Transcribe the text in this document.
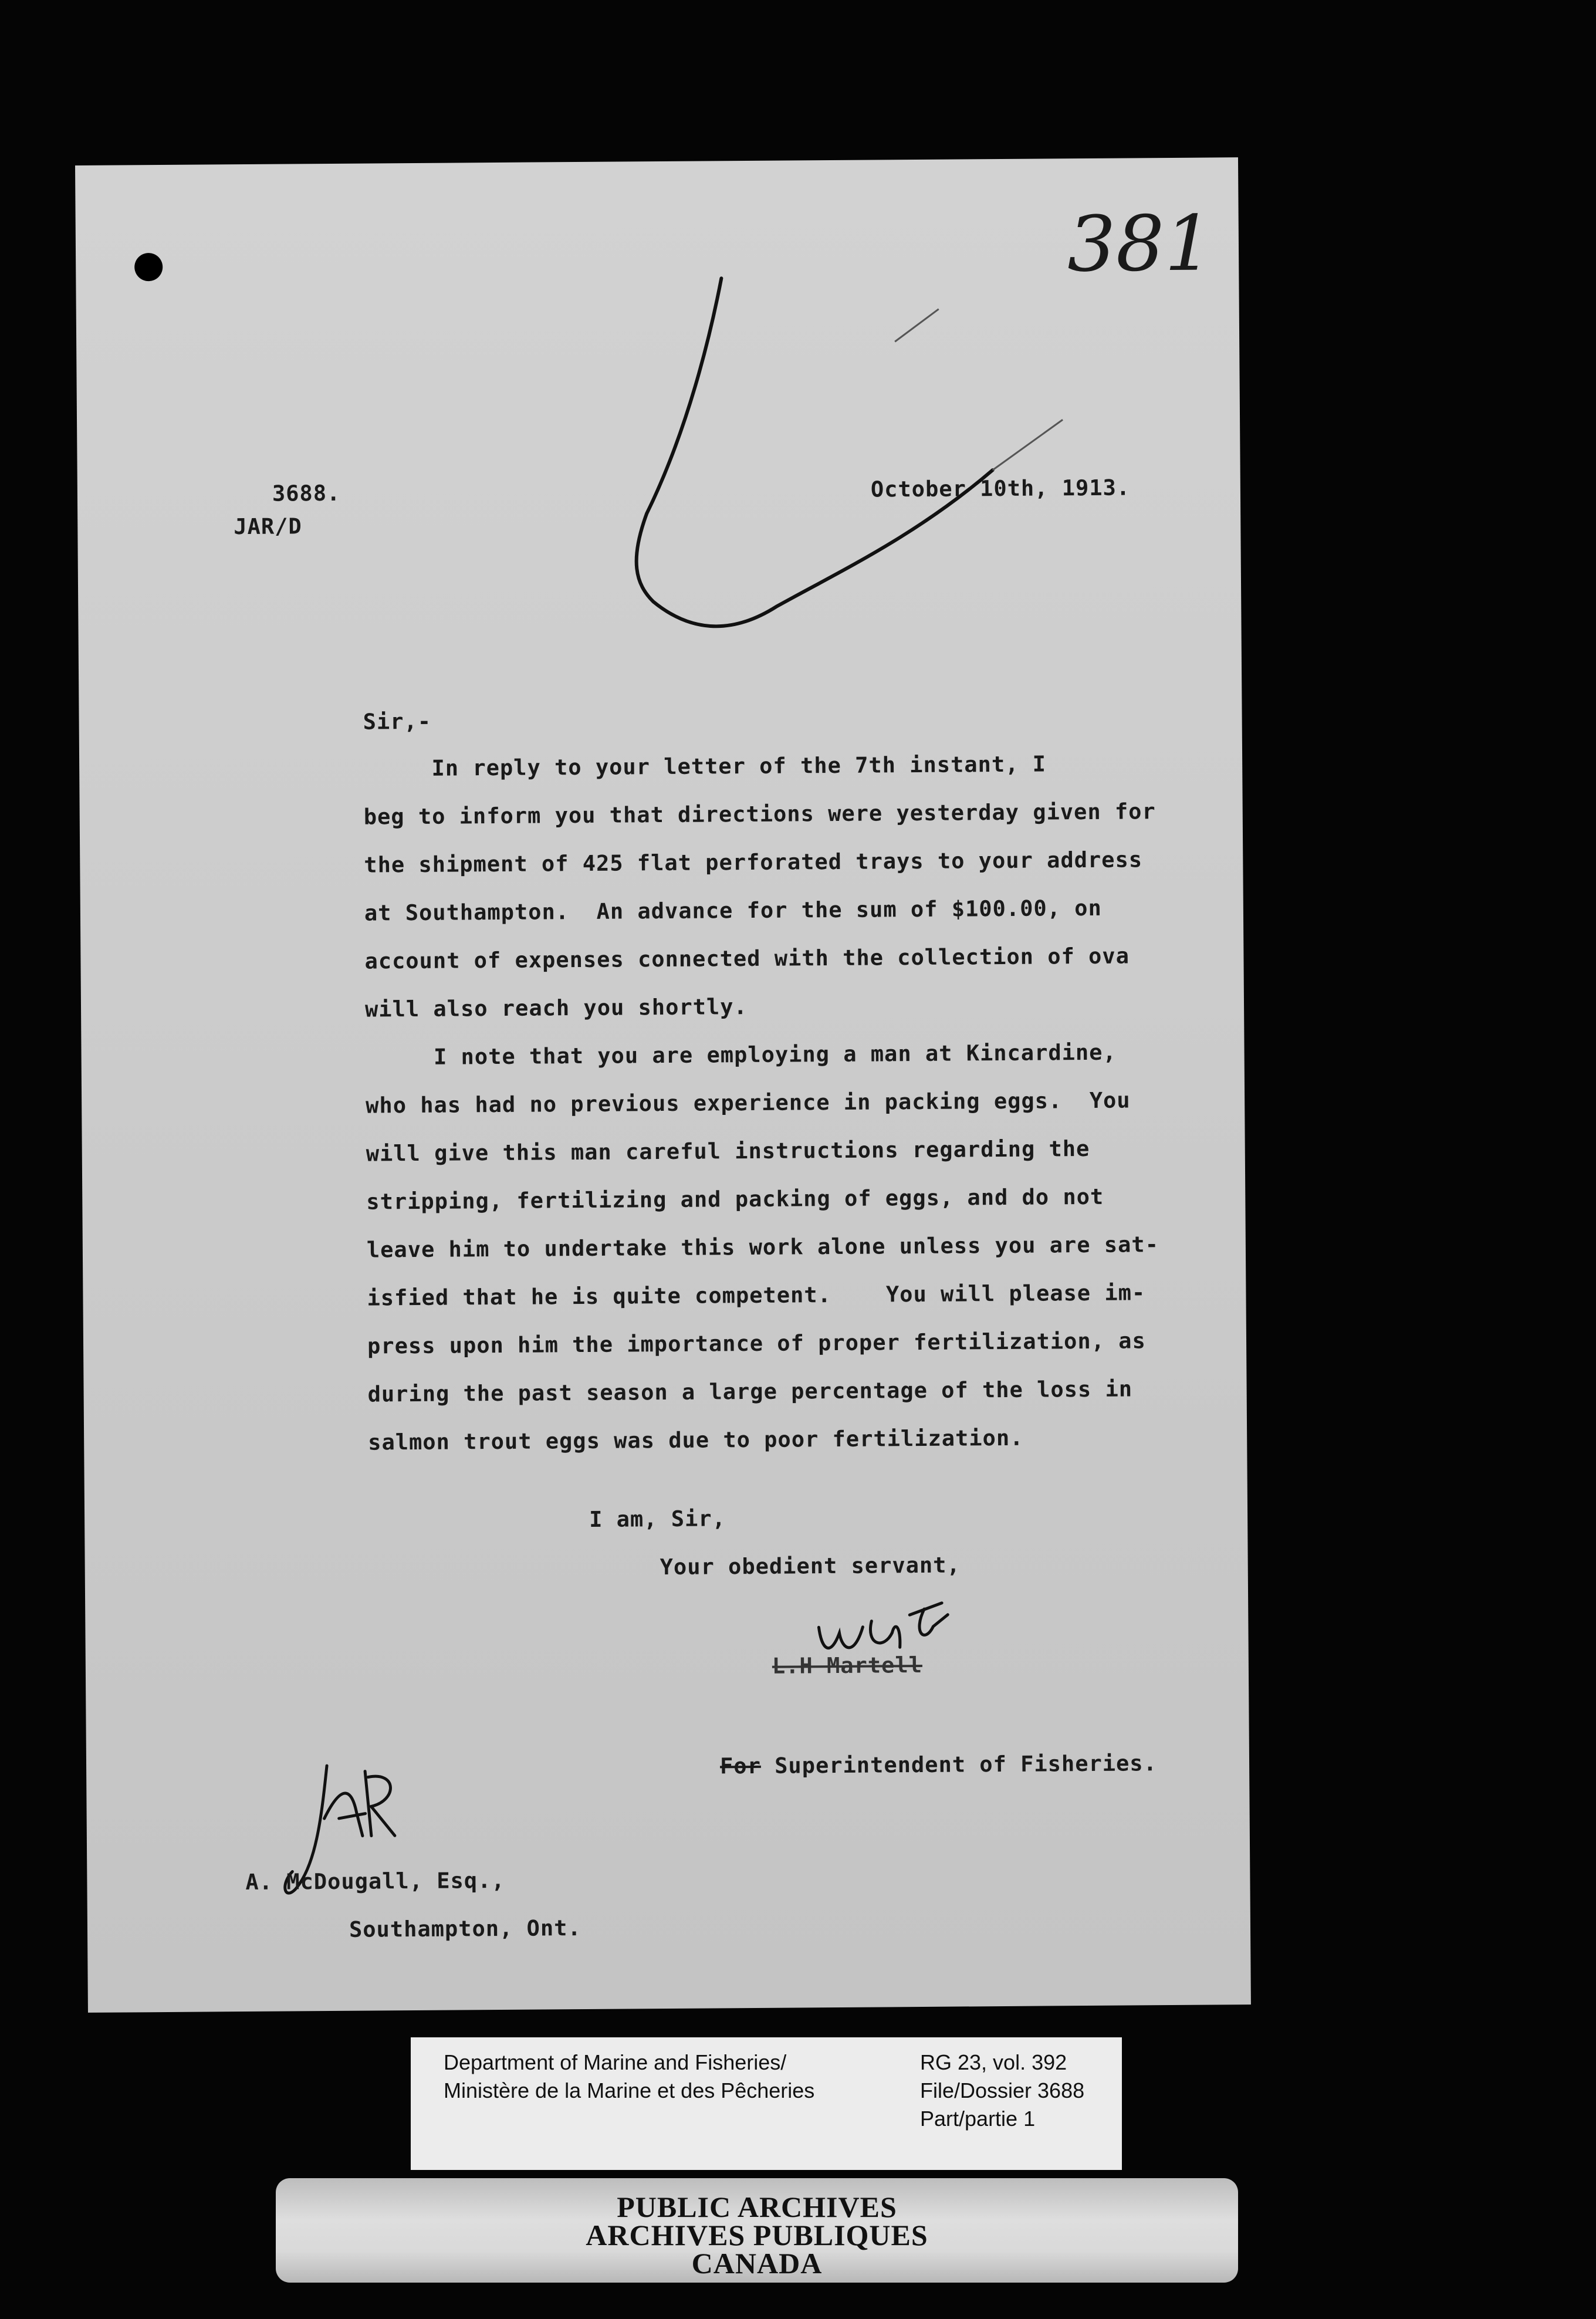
381
3688.
JAR/D
October 10th, 1913.
Sir,-
In reply to your letter of the 7th instant, I
beg to inform you that directions were yesterday given for
the shipment of 425 flat perforated trays to your address
at Southampton.  An advance for the sum of $100.00, on
account of expenses connected with the collection of ova
will also reach you shortly.
I note that you are employing a man at Kincardine,
who has had no previous experience in packing eggs.  You
will give this man careful instructions regarding the
stripping, fertilizing and packing of eggs, and do not
leave him to undertake this work alone unless you are sat-
isfied that he is quite competent.    You will please im-
press upon him the importance of proper fertilization, as
during the past season a large percentage of the loss in
salmon trout eggs was due to poor fertilization.
I am, Sir,
Your obedient servant,
L.H Martell
For Superintendent of Fisheries.
A. McDougall, Esq.,
Southampton, Ont.
Department of Marine and Fisheries/
Ministère de la Marine et des Pêcheries
RG 23, vol. 392
File/Dossier 3688
Part/partie 1
PUBLIC ARCHIVES
ARCHIVES PUBLIQUES
CANADA
